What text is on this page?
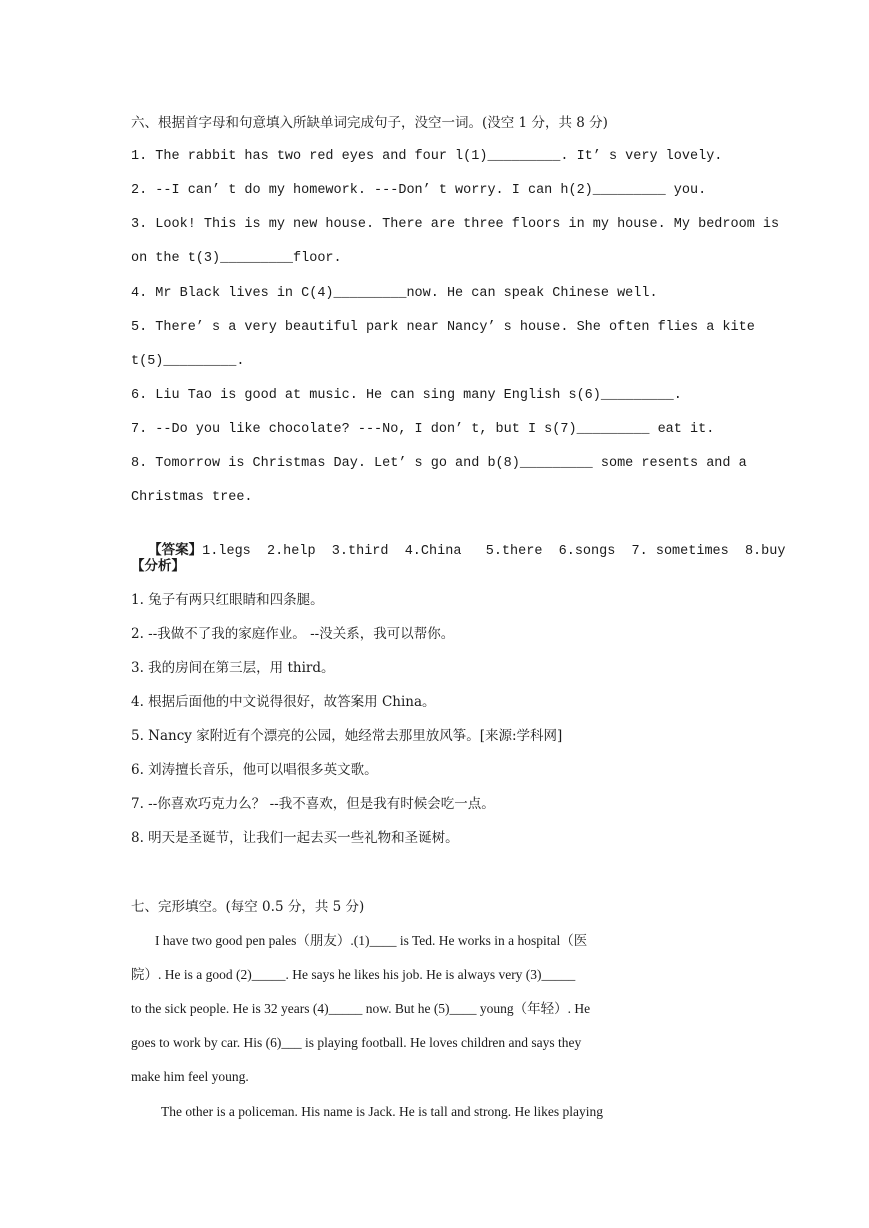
六、根据首字母和句意填入所缺单词完成句子，没空一词。(没空 1 分，共 8 分)
1. The rabbit has two red eyes and four l(1)_________. It’ s very lovely.
2. --I can’ t do my homework. ---Don’ t worry. I can h(2)_________ you.
3. Look! This is my new house. There are three floors in my house. My bedroom is
on the t(3)_________floor.
4. Mr Black lives in C(4)_________now. He can speak Chinese well.
5. There’ s a very beautiful park near Nancy’ s house. She often flies a kite
t(5)_________.
6. Liu Tao is good at music. He can sing many English s(6)_________.
7. --Do you like chocolate? ---No, I don’ t, but I s(7)_________ eat it.
8. Tomorrow is Christmas Day. Let’ s go and b(8)_________ some resents and a
Christmas tree.

【答案】1.legs  2.help  3.third  4.China   5.there  6.songs  7. sometimes  8.buy

【分析】
1. 兔子有两只红眼睛和四条腿。
2. --我做不了我的家庭作业。 --没关系，我可以帮你。
3. 我的房间在第三层，用 third。
4. 根据后面他的中文说得很好，故答案用 China。
5. Nancy 家附近有个漂亮的公园，她经常去那里放风筝。[来源:学科网]
6. 刘涛擅长音乐，他可以唱很多英文歌。
7. --你喜欢巧克力么？ --我不喜欢，但是我有时候会吃一点。
8. 明天是圣诞节，让我们一起去买一些礼物和圣诞树。
七、完形填空。(每空 0.5 分，共 5 分)
I have two good pen pales（朋友）.(1)____ is Ted. He works in a hospital（医
院）. He is a good (2)_____. He says he likes his job. He is always very (3)_____
to the sick people. He is 32 years (4)_____ now. But he (5)____ young（年轻）. He
goes to work by car. His (6)___ is playing football. He loves children and says they
make him feel young.
The other is a policeman. His name is Jack. He is tall and strong. He likes playing
